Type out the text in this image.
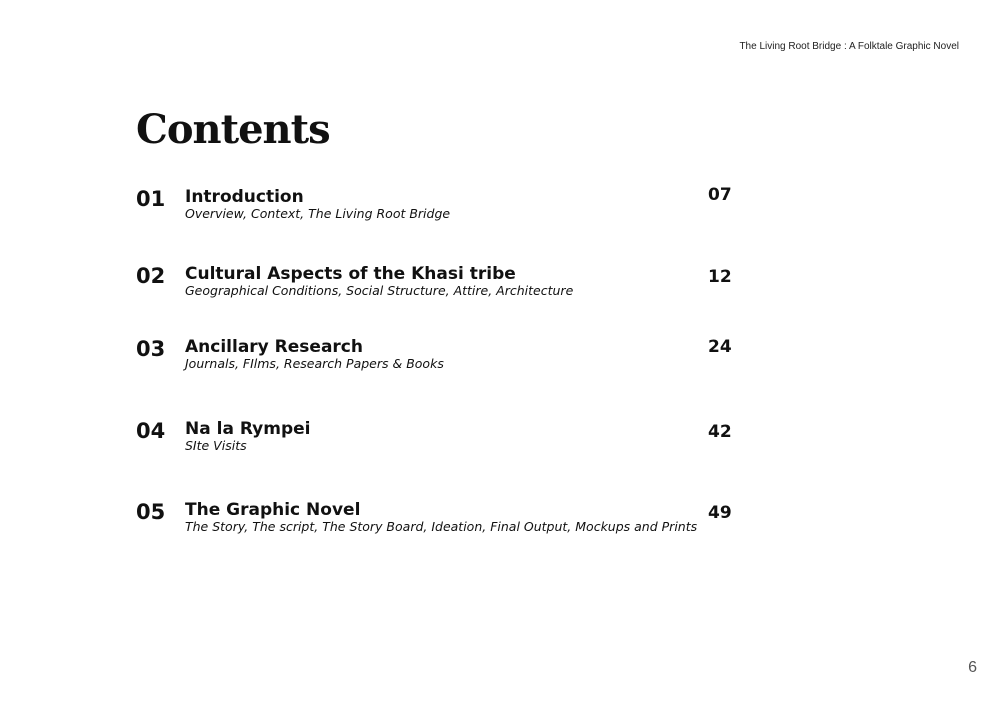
The Living Root Bridge : A Folktale Graphic Novel
Contents
01 Introduction
Overview, Context, The Living Root Bridge
07
02 Cultural Aspects of the Khasi tribe
Geographical Conditions, Social Structure, Attire, Architecture
12
03 Ancillary Research
Journals, FIlms, Research Papers & Books
24
04 Na la Rympei
SIte Visits
42
05 The Graphic Novel
The Story, The script, The Story Board, Ideation, Final Output, Mockups and Prints
49
6
